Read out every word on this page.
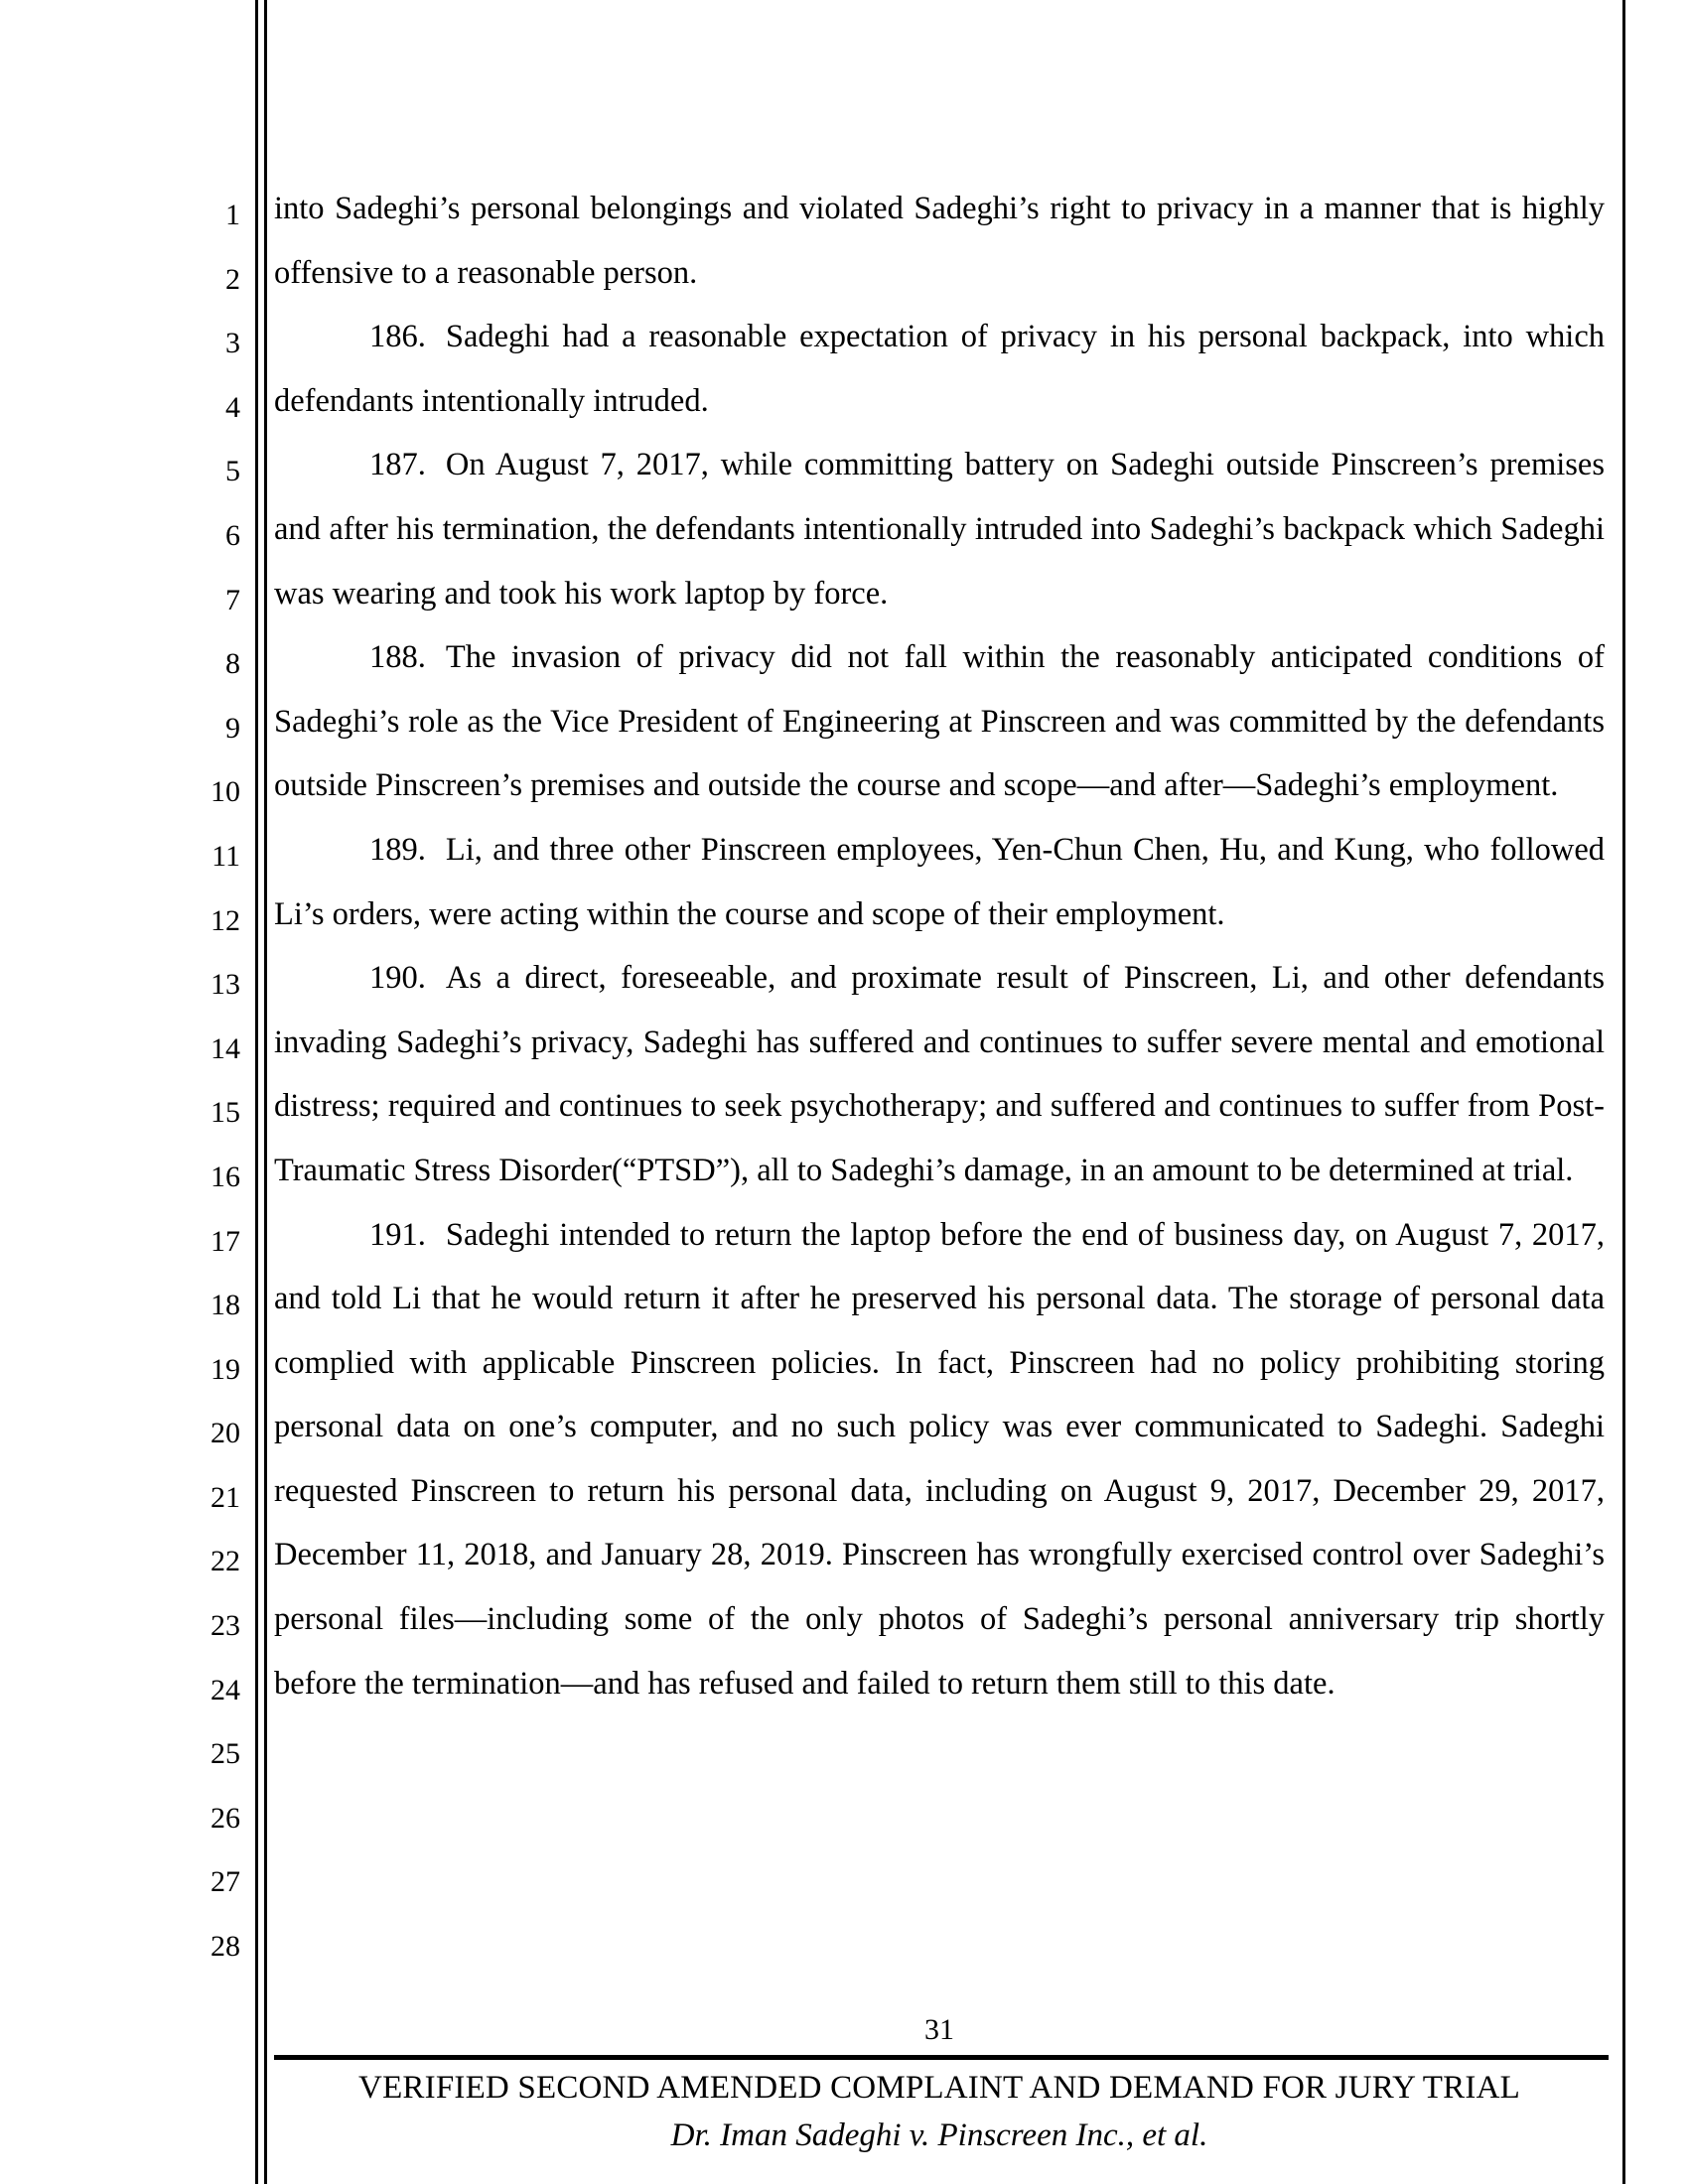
1
2
3
4
5
6
7
8
9
10
11
12
13
14
15
16
17
18
19
20
21
22
23
24
25
26
27
28

into Sadeghi’s personal belongings and violated Sadeghi’s right to privacy in a manner that is highly offensive to a reasonable person.

186. Sadeghi had a reasonable expectation of privacy in his personal backpack, into which defendants intentionally intruded.

187. On August 7, 2017, while committing battery on Sadeghi outside Pinscreen’s premises and after his termination, the defendants intentionally intruded into Sadeghi’s backpack which Sadeghi was wearing and took his work laptop by force.

188. The invasion of privacy did not fall within the reasonably anticipated conditions of Sadeghi’s role as the Vice President of Engineering at Pinscreen and was committed by the defendants outside Pinscreen’s premises and outside the course and scope—and after—Sadeghi’s employment.

189. Li, and three other Pinscreen employees, Yen-Chun Chen, Hu, and Kung, who followed Li’s orders, were acting within the course and scope of their employment.

190. As a direct, foreseeable, and proximate result of Pinscreen, Li, and other defendants invading Sadeghi’s privacy, Sadeghi has suffered and continues to suffer severe mental and emotional distress; required and continues to seek psychotherapy; and suffered and continues to suffer from Post-Traumatic Stress Disorder(“PTSD”), all to Sadeghi’s damage, in an amount to be determined at trial.

191. Sadeghi intended to return the laptop before the end of business day, on August 7, 2017, and told Li that he would return it after he preserved his personal data. The storage of personal data complied with applicable Pinscreen policies. In fact, Pinscreen had no policy prohibiting storing personal data on one’s computer, and no such policy was ever communicated to Sadeghi. Sadeghi requested Pinscreen to return his personal data, including on August 9, 2017, December 29, 2017, December 11, 2018, and January 28, 2019. Pinscreen has wrongfully exercised control over Sadeghi’s personal files—including some of the only photos of Sadeghi’s personal anniversary trip shortly before the termination—and has refused and failed to return them still to this date.

31
VERIFIED SECOND AMENDED COMPLAINT AND DEMAND FOR JURY TRIAL
Dr. Iman Sadeghi v. Pinscreen Inc., et al.
